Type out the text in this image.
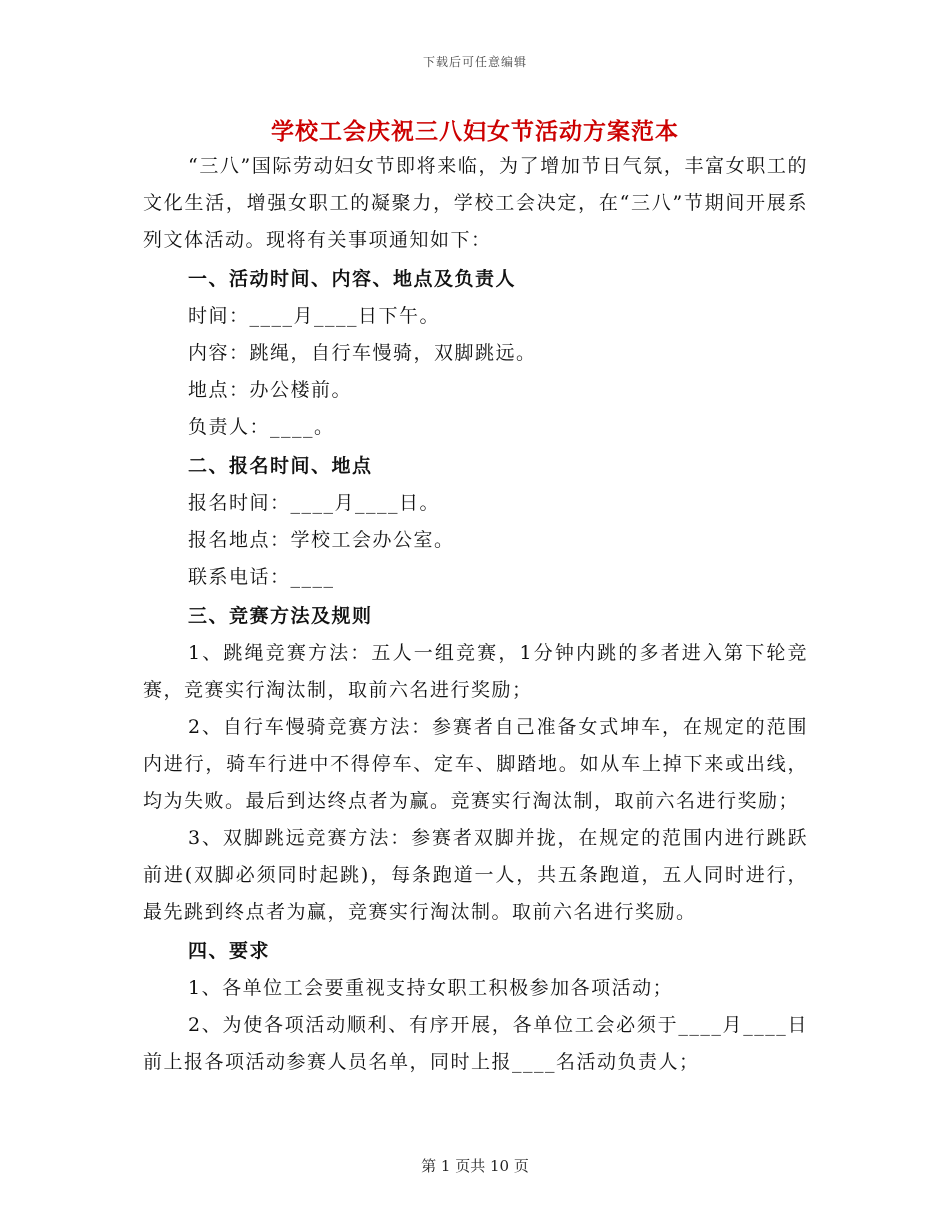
下载后可任意编辑
学校工会庆祝三八妇女节活动方案范本

“三八”国际劳动妇女节即将来临，为了增加节日气氛，丰富女职工的文化生活，增强女职工的凝聚力，学校工会决定，在“三八”节期间开展系列文体活动。现将有关事项通知如下：

一、活动时间、内容、地点及负责人

时间：____月____日下午。

内容：跳绳，自行车慢骑，双脚跳远。

地点：办公楼前。

负责人：____。

二、报名时间、地点

报名时间：____月____日。

报名地点：学校工会办公室。

联系电话：____

三、竞赛方法及规则

1、跳绳竞赛方法：五人一组竞赛，1分钟内跳的多者进入第下轮竞赛，竞赛实行淘汰制，取前六名进行奖励；

2、自行车慢骑竞赛方法：参赛者自己准备女式坤车，在规定的范围内进行，骑车行进中不得停车、定车、脚踏地。如从车上掉下来或出线，均为失败。最后到达终点者为赢。竞赛实行淘汰制，取前六名进行奖励；

3、双脚跳远竞赛方法：参赛者双脚并拢，在规定的范围内进行跳跃前进(双脚必须同时起跳)，每条跑道一人，共五条跑道，五人同时进行，最先跳到终点者为赢，竞赛实行淘汰制。取前六名进行奖励。

四、要求

1、各单位工会要重视支持女职工积极参加各项活动；

2、为使各项活动顺利、有序开展，各单位工会必须于____月____日前上报各项活动参赛人员名单，同时上报____名活动负责人；

第 1 页共 10 页
